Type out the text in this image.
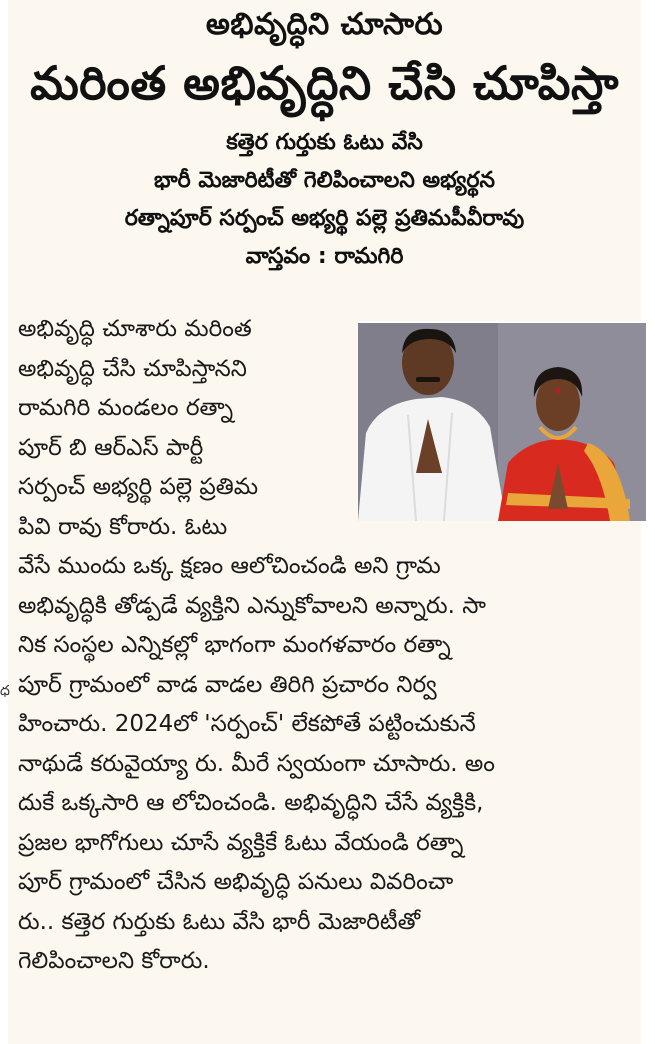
అభివృద్ధిని చూసారు
మరింత అభివృద్ధిని చేసి చూపిస్తా
కత్తెర గుర్తుకు ఓటు వేసి
భారీ మెజారిటీతో గెలిపించాలని అభ్యర్థన
రత్నాపూర్ సర్పంచ్ అభ్యర్థి పల్లె ప్రతిమపీవీరావు
వాస్తవం : రామగిరి
అభివృద్ధి చూశారు మరింత
అభివృద్ధి చేసి చూపిస్తానని
రామగిరి మండలం రత్నా
పూర్ బి ఆర్ఎస్ పార్టీ
సర్పంచ్ అభ్యర్థి పల్లె ప్రతిమ
పివి రావు కోరారు. ఓటు
వేసే ముందు ఒక్క క్షణం ఆలోచించండి అని గ్రామ
అభివృద్ధికి తోడ్పడే వ్యక్తిని ఎన్నుకోవాలని అన్నారు. సా
నిక సంస్థల ఎన్నికల్లో భాగంగా మంగళవారం రత్నా
పూర్ గ్రామంలో వాడ వాడల తిరిగి ప్రచారం నిర్వ
హించారు. 2024లో 'సర్పంచ్' లేకపోతే పట్టించుకునే
నాథుడే కరువైయ్యా రు. మీరే స్వయంగా చూసారు. అం
దుకే ఒక్కసారి ఆ లోచించండి. అభివృద్ధిని చేసే వ్యక్తికి,
ప్రజల భాగోగులు చూసే వ్యక్తికే ఓటు వేయండి రత్నా
పూర్ గ్రామంలో చేసిన అభివృద్ధి పనులు వివరించా
రు.. కత్తెర గుర్తుకు ఓటు వేసి భారీ మెజారిటీతో
గెలిపించాలని కోరారు.
ధ
